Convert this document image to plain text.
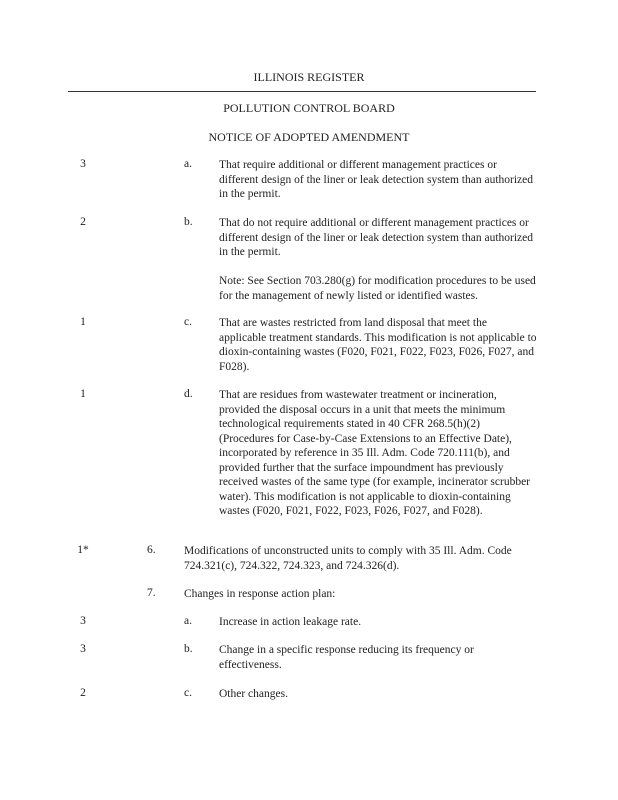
ILLINOIS REGISTER
POLLUTION CONTROL BOARD
NOTICE OF ADOPTED AMENDMENT
3	a. That require additional or different management practices or different design of the liner or leak detection system than authorized in the permit.
2	b. That do not require additional or different management practices or different design of the liner or leak detection system than authorized in the permit.
Note: See Section 703.280(g) for modification procedures to be used for the management of newly listed or identified wastes.
1	c. That are wastes restricted from land disposal that meet the applicable treatment standards. This modification is not applicable to dioxin-containing wastes (F020, F021, F022, F023, F026, F027, and F028).
1	d. That are residues from wastewater treatment or incineration, provided the disposal occurs in a unit that meets the minimum technological requirements stated in 40 CFR 268.5(h)(2) (Procedures for Case-by-Case Extensions to an Effective Date), incorporated by reference in 35 Ill. Adm. Code 720.111(b), and provided further that the surface impoundment has previously received wastes of the same type (for example, incinerator scrubber water). This modification is not applicable to dioxin-containing wastes (F020, F021, F022, F023, F026, F027, and F028).
1*	6. Modifications of unconstructed units to comply with 35 Ill. Adm. Code 724.321(c), 724.322, 724.323, and 724.326(d).
7. Changes in response action plan:
3	a. Increase in action leakage rate.
3	b. Change in a specific response reducing its frequency or effectiveness.
2	c. Other changes.
